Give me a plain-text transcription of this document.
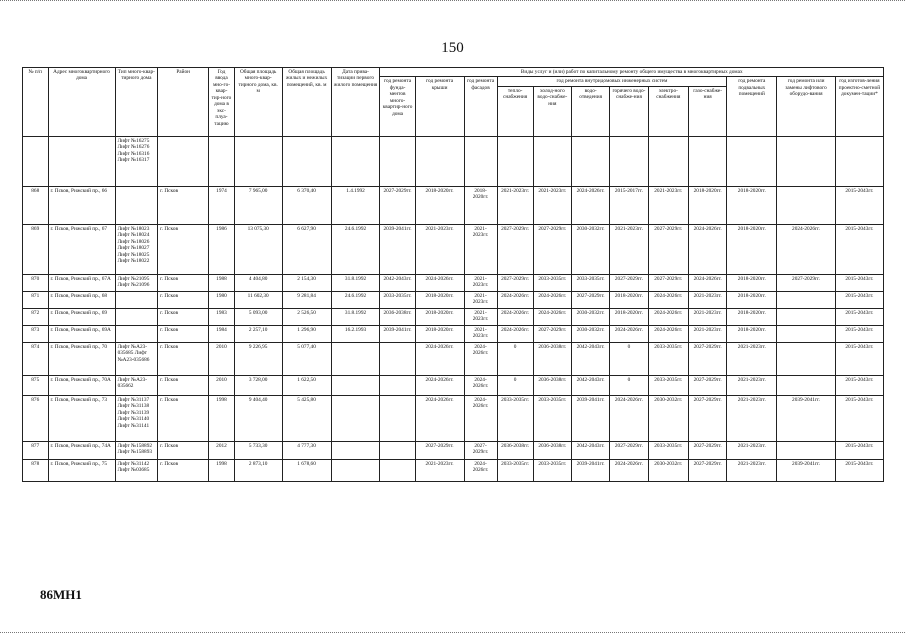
150
№ п/п	Адрес многоквартирного дома	Тип много-квар-тирного дома	Район	Год ввода мно-го-квар-тир-ного дома в экс-плуа-тацию	Общая площадь много-квар-тирного дома, кв. м	Общая площадь жилых и нежилых помещений, кв. м	Дата прива-тизации первого жилого помещения	Виды услуг и (или) работ по капитальному ремонту общего имущества в многоквартирных домах											
								год ремонта фунда-ментов много-квартир-ного дома	год ремонта крыши	год ремонта фасадов	год ремонта внутридомовых инженерных систем						год ремонта подвальных помещений	год ремонта или замены лифтового оборудо-вания	год изготов-ления проектно-сметной докумен-тации*
											тепло-снабжения	холод-ного водо-снабже-ния	водо-отведения	горячего водо-снабже-ния	электро-снабжения	газо-снабже-ния			
		Лифт №16275 Лифт №16276 Лифт №16316 Лифт №16317																	
868	г. Псков, Рижский пр., 66		г. Псков	1974	7 965,00	6 370,40	1.4.1992	2027-2029гг.	2018-2020гг.	2018-2020гг.	2021-2023гг.	2021-2023гг.	2024-2026гг.	2015-2017гг.	2021-2023гг.	2018-2020гг.	2018-2020гг.		2015-2043гг.
869	г. Псков, Рижский пр., 67	Лифт №18023 Лифт №18024 Лифт №18026 Лифт №18027 Лифт №18025 Лифт №18022	г. Псков	1986	13 075,30	6 627,90	24.6.1992	2039-2041гг.	2021-2023гг.	2021-2023гг.	2027-2029гг.	2027-2029гг.	2030-2032гг.	2021-2023гг.	2027-2029гг.	2024-2026гг.	2018-2020гг.	2024-2026гг.	2015-2043гг.
870	г. Псков, Рижский пр., 67А	Лифт №21095 Лифт №21096	г. Псков	1988	4 404,80	2 154,30	31.8.1992	2042-2043гг.	2024-2026гг.	2021-2023гг.	2027-2029гг.	2033-2035гг.	2033-2035гг.	2027-2029гг.	2027-2029гг.	2024-2026гг.	2018-2020гг.	2027-2029гг.	2015-2043гг.
871	г. Псков, Рижский пр., 68		г. Псков	1980	11 602,30	9 281,84	24.6.1992	2033-2035гг.	2018-2020гг.	2021-2023гг.	2024-2026гг.	2024-2026гг.	2027-2029гг.	2018-2020гг.	2024-2026гг.	2021-2023гг.	2018-2020гг.		2015-2043гг.
872	г. Псков, Рижский пр., 69		г. Псков	1983	5 093,00	2 526,50	31.8.1992	2036-2038гг.	2018-2020гг.	2021-2023гг.	2024-2026гг.	2024-2026гг.	2030-2032гг.	2018-2020гг.	2024-2026гг.	2021-2023гг.	2018-2020гг.		2015-2043гг.
873	г. Псков, Рижский пр., 69А		г. Псков	1984	2 257,10	1 296,90	16.2.1993	2039-2041гг.	2018-2020гг.	2021-2023гг.	2024-2026гг.	2027-2029гг.	2030-2032гг.	2024-2026гг.	2024-2026гг.	2021-2023гг.	2018-2020гг.		2015-2043гг.
874	г. Псков, Рижский пр., 70	Лифт №А23-035685 Лифт №А23-035686	г. Псков	2010	9 226,95	5 077,40			2024-2026гг.	2024-2026гг.	0	2036-2038гг.	2042-2043гг.	0	2033-2035гг.	2027-2029гг.	2021-2023гг.		2015-2043гг.
875	г. Псков, Рижский пр., 70А	Лифт №А23-035662	г. Псков	2010	3 728,00	1 622,50			2024-2026гг.	2024-2026гг.	0	2036-2038гг.	2042-2043гг.	0	2033-2035гг.	2027-2029гг.	2021-2023гг.		2015-2043гг.
876	г. Псков, Рижский пр., 73	Лифт №31137 Лифт №31138 Лифт №31139 Лифт №31140 Лифт №31141	г. Псков	1998	9 404,40	5 425,80			2024-2026гг.	2024-2026гг.	2033-2035гг.	2033-2035гг.	2039-2041гг.	2024-2026гг.	2030-2032гг.	2027-2029гг.	2021-2023гг.	2039-2041гг.	2015-2043гг.
877	г. Псков, Рижский пр., 74А	Лифт №158892 Лифт №158893	г. Псков	2012	5 733,30	4 777,30			2027-2029гг.	2027-2029гг.	2036-2038гг.	2036-2038гг.	2042-2043гг.	2027-2029гг.	2033-2035гг.	2027-2029гг.	2021-2023гг.		2015-2043гг.
878	г. Псков, Рижский пр., 75	Лифт №31142 Лифт №03685	г. Псков	1998	2 873,10	1 678,60			2021-2023гг.	2024-2026гг.	2033-2035гг.	2033-2035гг.	2039-2041гг.	2024-2026гг.	2030-2032гг.	2027-2029гг.	2021-2023гг.	2039-2041гг.	2015-2043гг.
86МН1
